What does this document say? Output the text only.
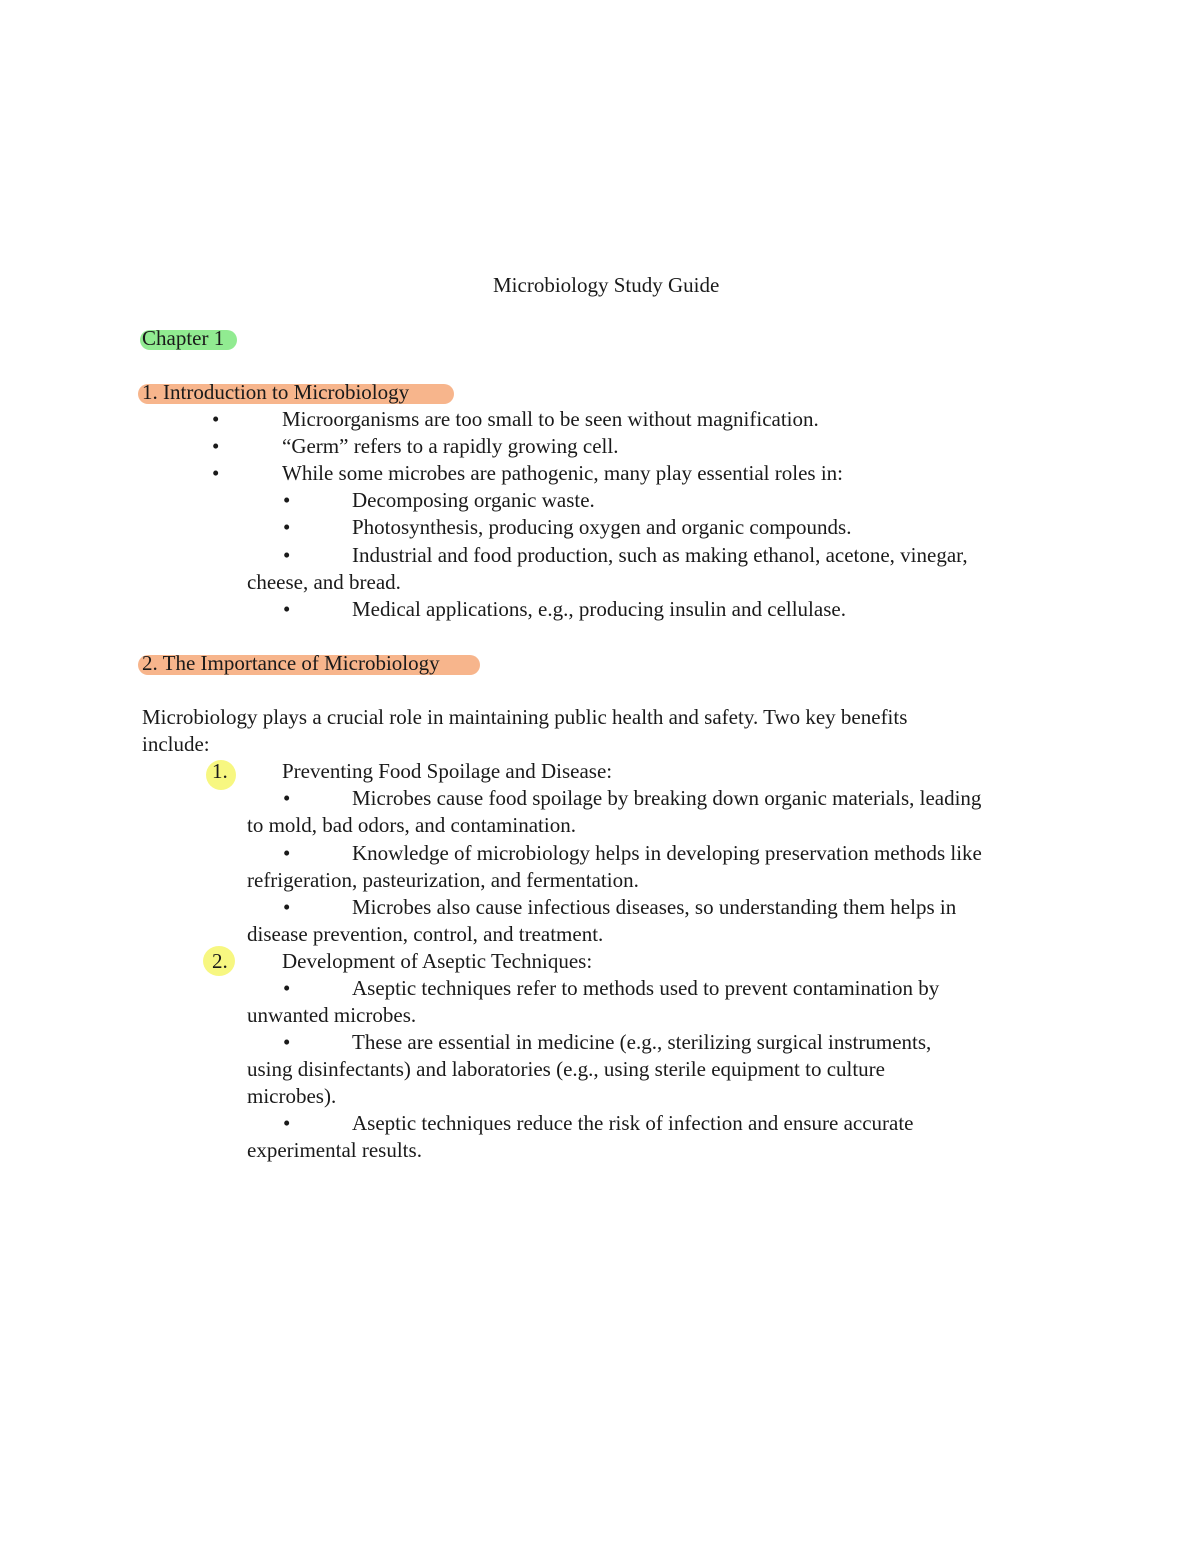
Microbiology Study Guide
Chapter 1
1. Introduction to Microbiology
•	Microorganisms are too small to be seen without magnification.
•	“Germ” refers to a rapidly growing cell.
•	While some microbes are pathogenic, many play essential roles in:
•	Decomposing organic waste.
•	Photosynthesis, producing oxygen and organic compounds.
•	Industrial and food production, such as making ethanol, acetone, vinegar,
cheese, and bread.
•	Medical applications, e.g., producing insulin and cellulase.
2. The Importance of Microbiology
Microbiology plays a crucial role in maintaining public health and safety. Two key benefits
include:
1.	Preventing Food Spoilage and Disease:
•	Microbes cause food spoilage by breaking down organic materials, leading
to mold, bad odors, and contamination.
•	Knowledge of microbiology helps in developing preservation methods like
refrigeration, pasteurization, and fermentation.
•	Microbes also cause infectious diseases, so understanding them helps in
disease prevention, control, and treatment.
2.	Development of Aseptic Techniques:
•	Aseptic techniques refer to methods used to prevent contamination by
unwanted microbes.
•	These are essential in medicine (e.g., sterilizing surgical instruments,
using disinfectants) and laboratories (e.g., using sterile equipment to culture
microbes).
•	Aseptic techniques reduce the risk of infection and ensure accurate
experimental results.
